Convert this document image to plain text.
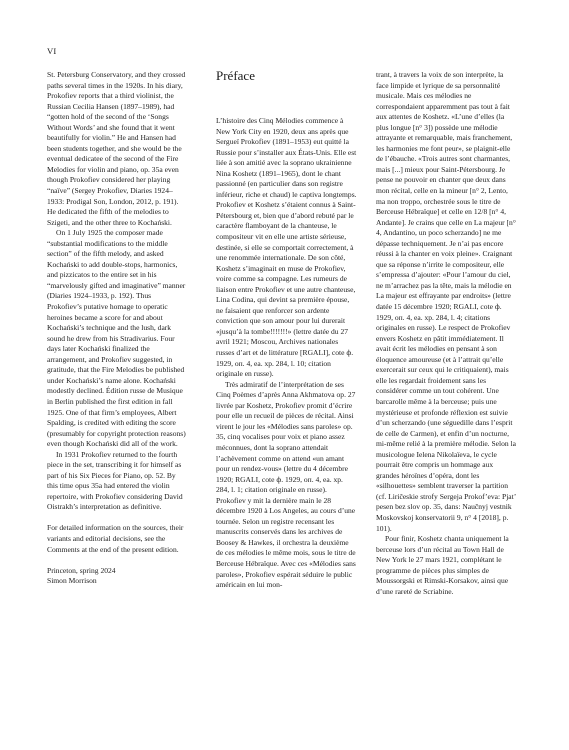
VI

St. Petersburg Conservatory, and they crossed paths several times in the 1920s. In his diary, Prokofiev reports that a third violinist, the Russian Cecilia Hansen (1897–1989), had “gotten hold of the second of the ‘Songs Without Words’ and she found that it went beautifully for violin.” He and Hansen had been students together, and she would be the eventual dedicatee of the second of the Fire Melodies for violin and piano, op. 35a even though Prokofiev considered her playing “naïve” (Sergey Prokofiev, Diaries 1924–1933: Prodigal Son, London, 2012, p. 191). He dedicated the fifth of the melodies to Szigeti, and the other three to Kochański.

On 1 July 1925 the composer made “substantial modifications to the middle section” of the fifth melody, and asked Kochański to add double-stops, harmonics, and pizzicatos to the entire set in his “marvelously gifted and imaginative” manner (Diaries 1924–1933, p. 192). Thus Prokofiev’s putative homage to operatic heroines became a score for and about Kochański’s technique and the lush, dark sound he drew from his Stradivarius. Four days later Kochański finalized the arrangement, and Prokofiev suggested, in gratitude, that the Fire Melodies be published under Kochański’s name alone. Kochański modestly declined. Édition russe de Musique in Berlin published the first edition in fall 1925. One of that firm’s employees, Albert Spalding, is credited with editing the score (presumably for copyright protection reasons) even though Kochański did all of the work.

In 1931 Prokofiev returned to the fourth piece in the set, transcribing it for himself as part of his Six Pieces for Piano, op. 52. By this time opus 35a had entered the violin repertoire, with Prokofiev considering David Oistrakh’s interpretation as definitive.

For detailed information on the sources, their variants and editorial decisions, see the Comments at the end of the present edition.

Princeton, spring 2024

Simon Morrison

Préface

L’histoire des Cinq Mélodies commence à New York City en 1920, deux ans après que Sergueï Prokofiev (1891–1953) eut quitté la Russie pour s’installer aux États-Unis. Elle est liée à son amitié avec la soprano ukrainienne Nina Koshetz (1891–1965), dont le chant passionné (en particulier dans son registre inférieur, riche et chaud) le captiva longtemps. Prokofiev et Koshetz s’étaient connus à Saint-Pétersbourg et, bien que d’abord rebuté par le caractère flamboyant de la chanteuse, le compositeur vit en elle une artiste sérieuse, destinée, si elle se comportait correctement, à une renommée internationale. De son côté, Koshetz s’imaginait en muse de Prokofiev, voire comme sa compagne. Les rumeurs de liaison entre Prokofiev et une autre chanteuse, Lina Codina, qui devint sa première épouse, ne faisaient que renforcer son ardente conviction que son amour pour lui durerait «jusqu’à la tombe!!!!!!!» (lettre datée du 27 avril 1921; Moscou, Archives nationales russes d’art et de littérature [RGALI], cote ф. 1929, оп. 4, ea. xp. 284, l. 10; citation originale en russe).

Très admiratif de l’interprétation de ses Cinq Poèmes d’après Anna Akhmatova op. 27 livrée par Koshetz, Prokofiev promit d’écrire pour elle un recueil de pièces de récital. Ainsi virent le jour les «Mélodies sans paroles» op. 35, cinq vocalises pour voix et piano assez méconnues, dont la soprano attendait l’achèvement comme on attend «un amant pour un rendez-vous» (lettre du 4 décembre 1920; RGALI, cote ф. 1929, оп. 4, ea. xp. 284, l. 1; citation originale en russe). Prokofiev y mit la dernière main le 28 décembre 1920 à Los Angeles, au cours d’une tournée. Selon un registre recensant les manuscrits conservés dans les archives de Boosey & Hawkes, il orchestra la deuxième de ces mélodies le même mois, sous le titre de Berceuse Hébraïque. Avec ces «Mélodies sans paroles», Prokofiev espérait séduire le public américain en lui mon-

trant, à travers la voix de son interprète, la face limpide et lyrique de sa personnalité musicale. Mais ces mélodies ne correspondaient apparemment pas tout à fait aux attentes de Koshetz. «L’une d’elles (la plus longue [n° 3]) possède une mélodie attrayante et remarquable, mais franchement, les harmonies me font peur», se plaignit-elle de l’ébauche. «Trois autres sont charmantes, mais [...] mieux pour Saint-Pétersbourg. Je pense ne pouvoir en chanter que deux dans mon récital, celle en la mineur [n° 2, Lento, ma non troppo, orchestrée sous le titre de Berceuse Hébraïque] et celle en 12/8 [n° 4, Andante]. Je crains que celle en La majeur [n° 4, Andantino, un poco scherzando] ne me dépasse techniquement. Je n’ai pas encore réussi à la chanter en voix pleine». Craignant que sa réponse n’irrite le compositeur, elle s’empressa d’ajouter: «Pour l’amour du ciel, ne m’arrachez pas la tête, mais la mélodie en La majeur est effrayante par endroits» (lettre datée 15 décembre 1920; RGALI, cote ф. 1929, оп. 4, ea. xp. 284, l. 4; citations originales en russe). Le respect de Prokofiev envers Koshetz en pâtit immédiatement. Il avait écrit les mélodies en pensant à son éloquence amoureuse (et à l’attrait qu’elle exercerait sur ceux qui le critiquaient), mais elle les regardait froidement sans les considérer comme un tout cohérent. Une barcarolle même à la berceuse; puis une mystérieuse et profonde réflexion est suivie d’un scherzando (une séguedille dans l’esprit de celle de Carmen), et enfin d’un nocturne, mi-même relié à la première mélodie. Selon la musicologue Ielena Nikolaïeva, le cycle pourrait être compris un hommage aux grandes héroïnes d’opéra, dont les «silhouettes» semblent traverser la partition (cf. Liričeskie strofy Sergeja Prokof’eva: Pjat’ pesen bez slov op. 35, dans: Naučnyj vestnik Moskovskoj konservatorii 9, n° 4 [2018], p. 101).

Pour finir, Koshetz chanta uniquement la berceuse lors d’un récital au Town Hall de New York le 27 mars 1921, complétant le programme de pièces plus simples de Moussorgski et Rimski-Korsakov, ainsi que d’une rareté de Scriabine.
